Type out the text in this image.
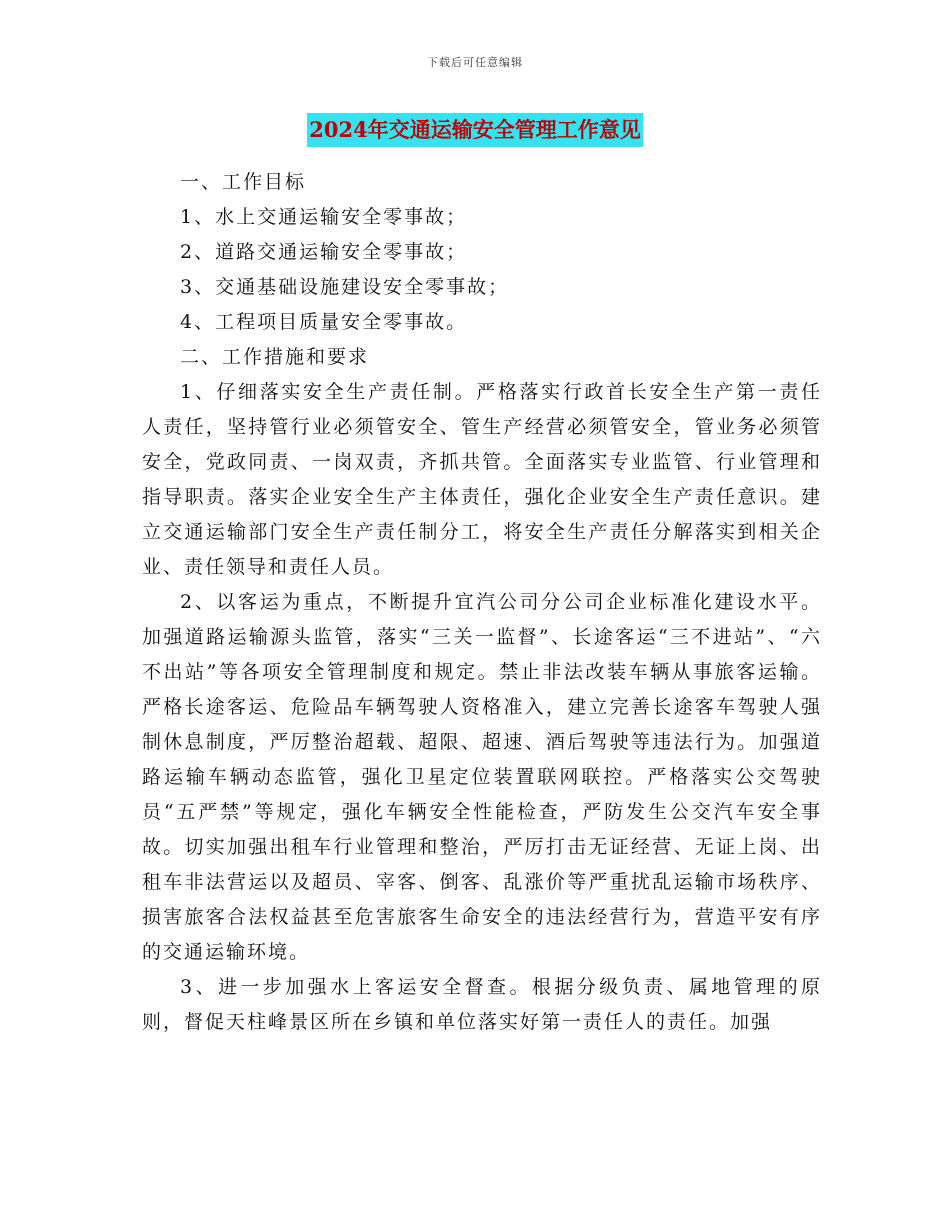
下载后可任意编辑
2024年交通运输安全管理工作意见

一、工作目标

1、水上交通运输安全零事故；

2、道路交通运输安全零事故；

3、交通基础设施建设安全零事故；

4、工程项目质量安全零事故。

二、工作措施和要求

1、仔细落实安全生产责任制。严格落实行政首长安全生产第一责任人责任，坚持管行业必须管安全、管生产经营必须管安全，管业务必须管安全，党政同责、一岗双责，齐抓共管。全面落实专业监管、行业管理和指导职责。落实企业安全生产主体责任，强化企业安全生产责任意识。建立交通运输部门安全生产责任制分工，将安全生产责任分解落实到相关企业、责任领导和责任人员。

2、以客运为重点，不断提升宜汽公司分公司企业标准化建设水平。加强道路运输源头监管，落实“三关一监督”、长途客运“三不进站”、“六不出站”等各项安全管理制度和规定。禁止非法改装车辆从事旅客运输。严格长途客运、危险品车辆驾驶人资格准入，建立完善长途客车驾驶人强制休息制度，严厉整治超载、超限、超速、酒后驾驶等违法行为。加强道路运输车辆动态监管，强化卫星定位装置联网联控。严格落实公交驾驶员“五严禁”等规定，强化车辆安全性能检查，严防发生公交汽车安全事故。切实加强出租车行业管理和整治，严厉打击无证经营、无证上岗、出租车非法营运以及超员、宰客、倒客、乱涨价等严重扰乱运输市场秩序、损害旅客合法权益甚至危害旅客生命安全的违法经营行为，营造平安有序的交通运输环境。

3、进一步加强水上客运安全督查。根据分级负责、属地管理的原则，督促天柱峰景区所在乡镇和单位落实好第一责任人的责任。加强
